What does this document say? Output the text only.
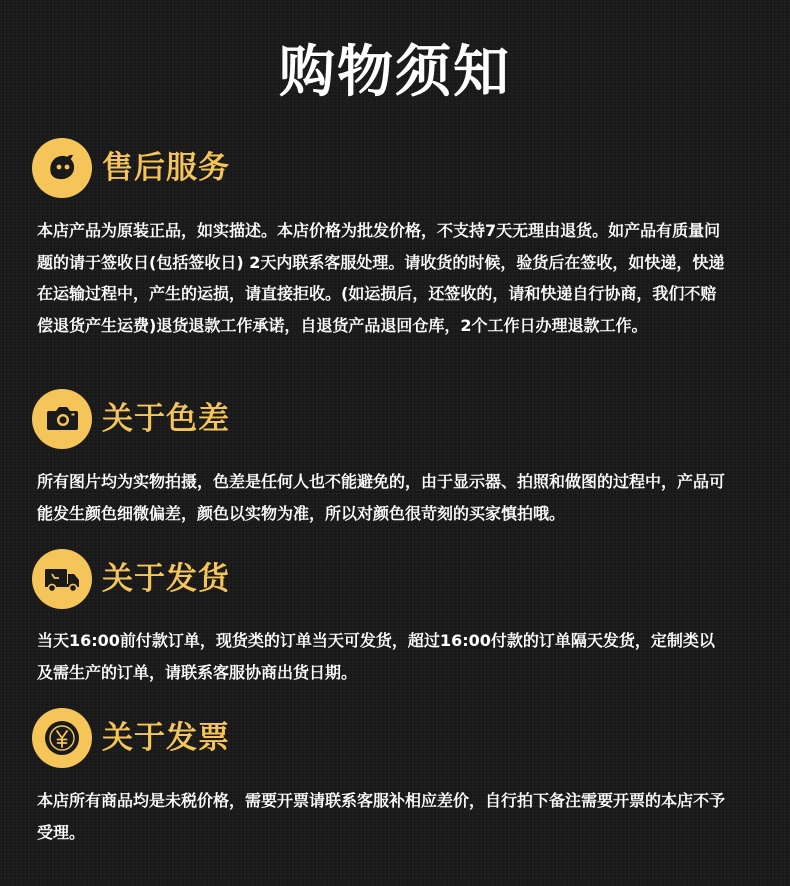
购物须知
售后服务

本店产品为原装正品，如实描述。本店价格为批发价格，不支持7天无理由退货。如产品有质量问题的请于签收日(包括签收日) 2天内联系客服处理。请收货的时候，验货后在签收，如快递，快递在运输过程中，产生的运损，请直接拒收。(如运损后，还签收的，请和快递自行协商，我们不赔偿退货产生运费)退货退款工作承诺，自退货产品退回仓库，2个工作日办理退款工作。

关于色差

所有图片均为实物拍摄，色差是任何人也不能避免的，由于显示器、拍照和做图的过程中，产品可能发生颜色细微偏差，颜色以实物为准，所以对颜色很苛刻的买家慎拍哦。

关于发货

当天16:00前付款订单，现货类的订单当天可发货，超过16:00付款的订单隔天发货，定制类以及需生产的订单，请联系客服协商出货日期。

关于发票

本店所有商品均是未税价格，需要开票请联系客服补相应差价，自行拍下备注需要开票的本店不予受理。
